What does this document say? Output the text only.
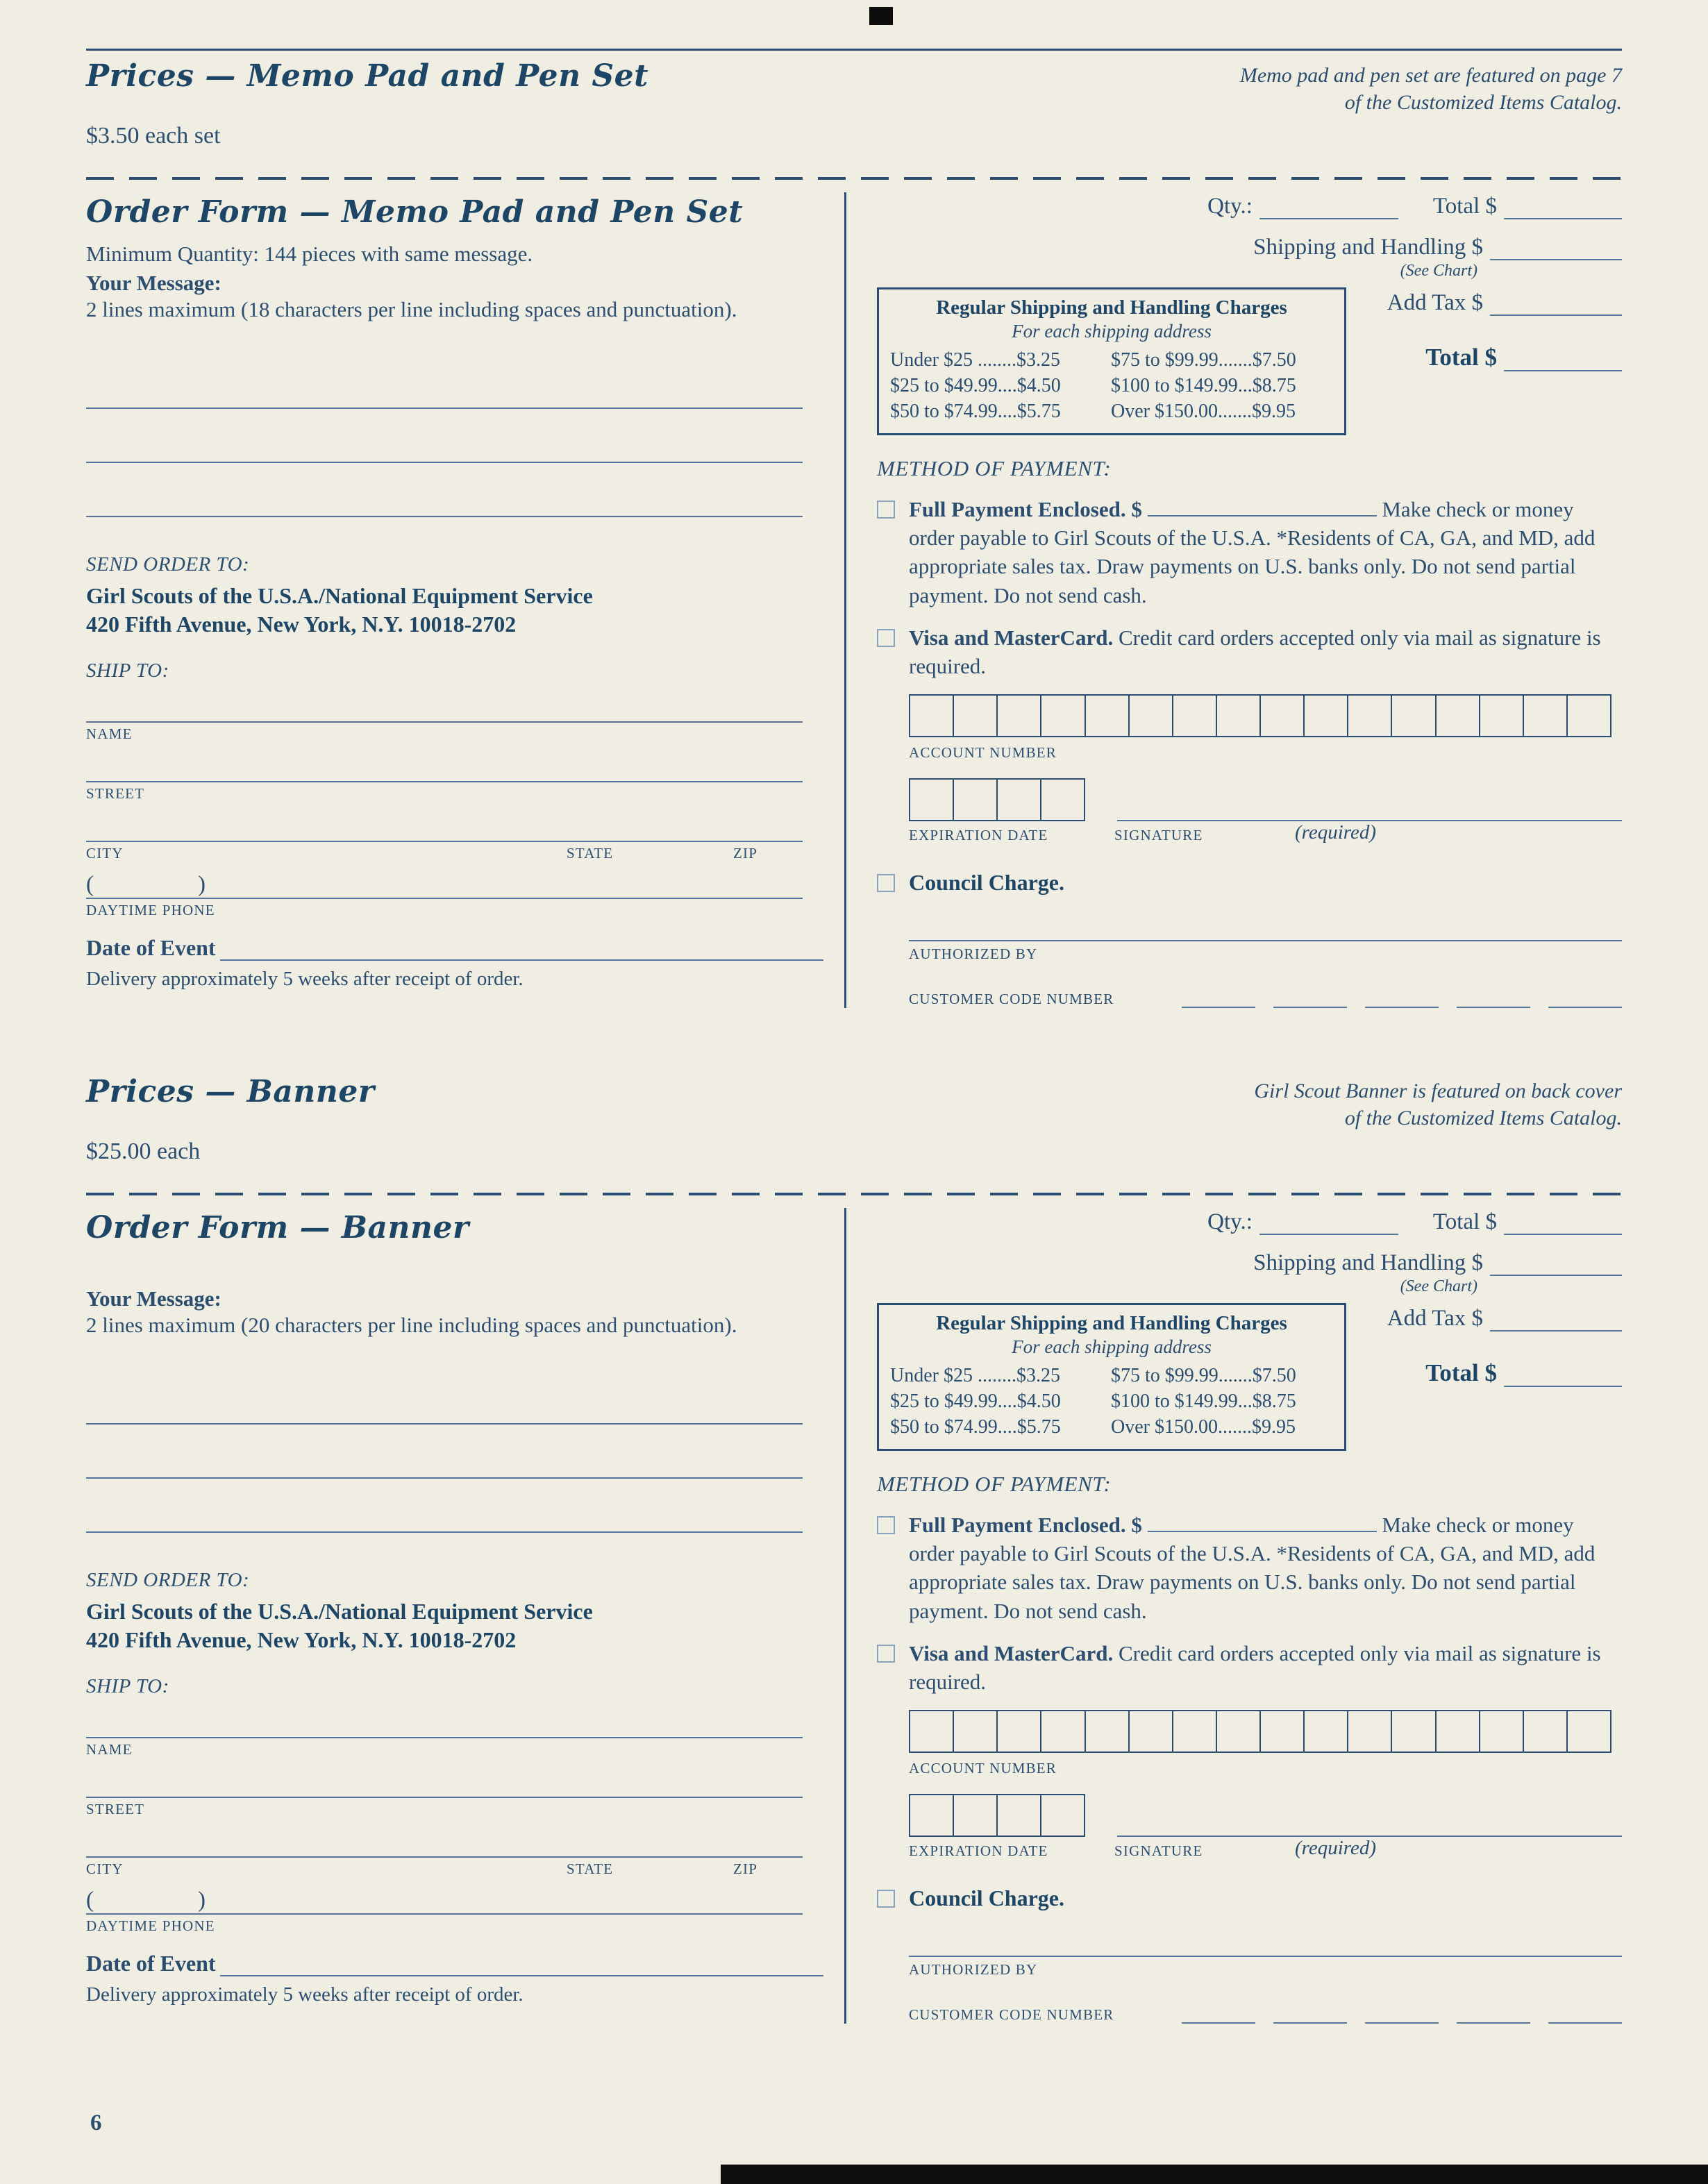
Prices — Memo Pad and Pen Set	Memo pad and pen set are featured on page 7
of the Customized Items Catalog.
$3.50 each set
Order Form — Memo Pad and Pen Set
Minimum Quantity: 144 pieces with same message.
Your Message:
2 lines maximum (18 characters per line including spaces and punctuation).
SEND ORDER TO:
Girl Scouts of the U.S.A./National Equipment Service
420 Fifth Avenue, New York, N.Y. 10018-2702
SHIP TO:
NAME
STREET
CITY	STATE	ZIP
(	)
DAYTIME PHONE
Date of Event
Delivery approximately 5 weeks after receipt of order.
Qty.:	Total $
Shipping and Handling $
(See Chart)
Regular Shipping and Handling Charges
For each shipping address
Under $25 ........$3.25	$75 to $99.99.......$7.50
$25 to $49.99....$4.50	$100 to $149.99...$8.75
$50 to $74.99....$5.75	Over $150.00.......$9.95
Add Tax $
Total $
METHOD OF PAYMENT:
Full Payment Enclosed. $	Make check or money order payable to Girl Scouts of the U.S.A. *Residents of CA, GA, and MD, add appropriate sales tax. Draw payments on U.S. banks only. Do not send partial payment. Do not send cash.
Visa and MasterCard. Credit card orders accepted only via mail as signature is required.
ACCOUNT NUMBER
EXPIRATION DATE	SIGNATURE	(required)
Council Charge.
AUTHORIZED BY
CUSTOMER CODE NUMBER
Prices — Banner	Girl Scout Banner is featured on back cover
of the Customized Items Catalog.
$25.00 each
Order Form — Banner
Your Message:
2 lines maximum (20 characters per line including spaces and punctuation).
SEND ORDER TO:
Girl Scouts of the U.S.A./National Equipment Service
420 Fifth Avenue, New York, N.Y. 10018-2702
SHIP TO:
NAME
STREET
CITY	STATE	ZIP
(	)
DAYTIME PHONE
Date of Event
Delivery approximately 5 weeks after receipt of order.
Qty.:	Total $
Shipping and Handling $
(See Chart)
Regular Shipping and Handling Charges
For each shipping address
Under $25 ........$3.25	$75 to $99.99.......$7.50
$25 to $49.99....$4.50	$100 to $149.99...$8.75
$50 to $74.99....$5.75	Over $150.00.......$9.95
Add Tax $
Total $
METHOD OF PAYMENT:
Full Payment Enclosed. $	Make check or money order payable to Girl Scouts of the U.S.A. *Residents of CA, GA, and MD, add appropriate sales tax. Draw payments on U.S. banks only. Do not send partial payment. Do not send cash.
Visa and MasterCard. Credit card orders accepted only via mail as signature is required.
ACCOUNT NUMBER
EXPIRATION DATE	SIGNATURE	(required)
Council Charge.
AUTHORIZED BY
CUSTOMER CODE NUMBER
6
